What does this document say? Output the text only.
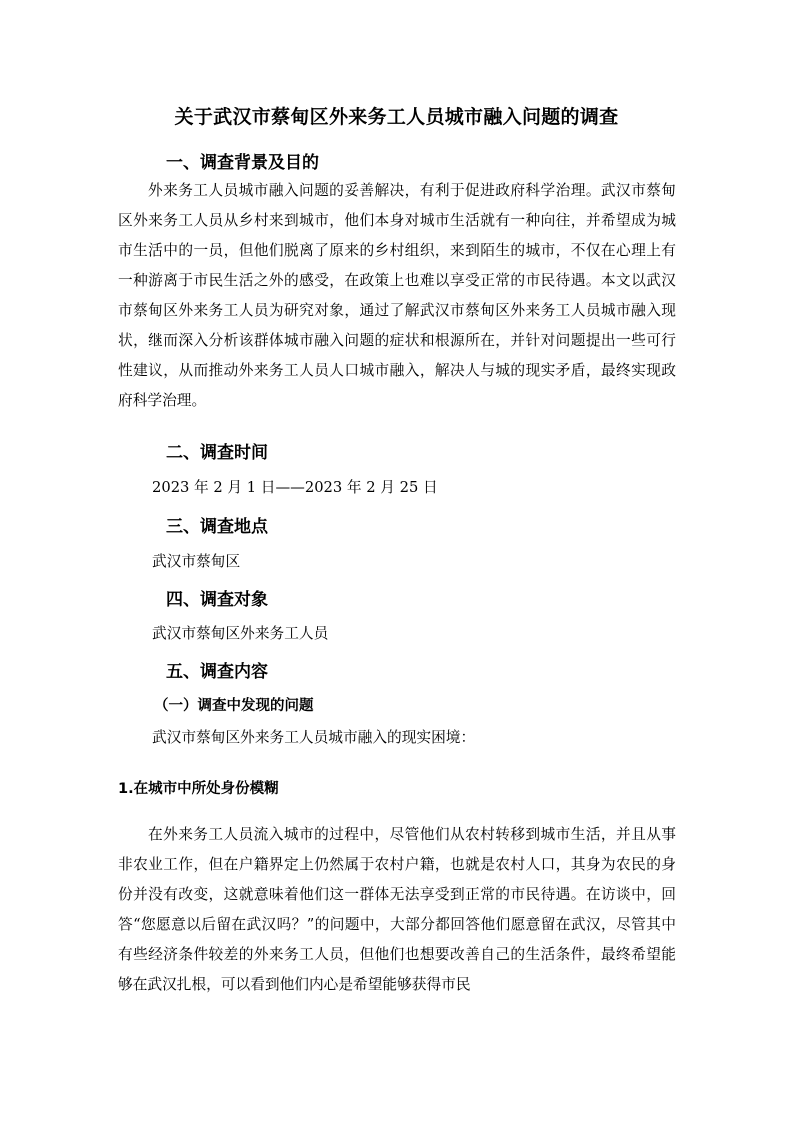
关于武汉市蔡甸区外来务工人员城市融入问题的调查
一、调查背景及目的

外来务工人员城市融入问题的妥善解决，有利于促进政府科学治理。武汉市蔡甸区外来务工人员从乡村来到城市，他们本身对城市生活就有一种向往，并希望成为城市生活中的一员，但他们脱离了原来的乡村组织，来到陌生的城市，不仅在心理上有一种游离于市民生活之外的感受，在政策上也难以享受正常的市民待遇。本文以武汉市蔡甸区外来务工人员为研究对象，通过了解武汉市蔡甸区外来务工人员城市融入现状，继而深入分析该群体城市融入问题的症状和根源所在，并针对问题提出一些可行性建议，从而推动外来务工人员人口城市融入，解决人与城的现实矛盾，最终实现政府科学治理。

二、调查时间
2023 年 2 月 1 日——2023 年 2 月 25 日
三、调查地点
武汉市蔡甸区
四、调查对象
武汉市蔡甸区外来务工人员
五、调查内容
（一）调查中发现的问题
武汉市蔡甸区外来务工人员城市融入的现实困境：
1.在城市中所处身份模糊

在外来务工人员流入城市的过程中，尽管他们从农村转移到城市生活，并且从事非农业工作，但在户籍界定上仍然属于农村户籍，也就是农村人口，其身为农民的身份并没有改变，这就意味着他们这一群体无法享受到正常的市民待遇。在访谈中，回答“您愿意以后留在武汉吗？”的问题中，大部分都回答他们愿意留在武汉，尽管其中有些经济条件较差的外来务工人员，但他们也想要改善自己的生活条件，最终希望能够在武汉扎根，可以看到他们内心是希望能够获得市民
